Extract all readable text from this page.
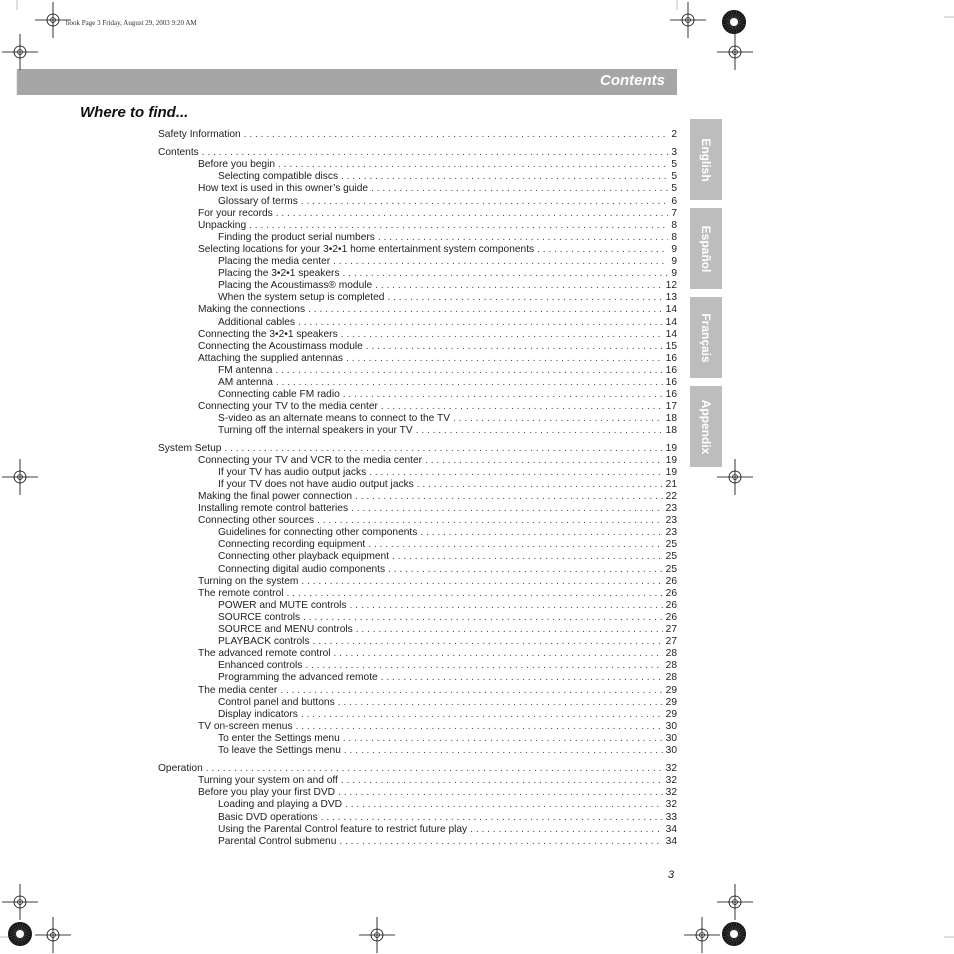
book Page 3 Friday, August 29, 2003 9:20 AM
Contents
Where to find...
Safety Information . . .	2
Contents . . .	3
Before you begin . . .	5
Selecting compatible discs . . .	5
How text is used in this owner’s guide . . .	5
Glossary of terms . . .	6
For your records . . .	7
Unpacking . . .	8
Finding the product serial numbers . . .	8
Selecting locations for your 3•2•1 home entertainment system components . . .	9
Placing the media center . . .	9
Placing the 3•2•1 speakers . . .	9
Placing the Acoustimass® module . . .	12
When the system setup is completed . . .	13
Making the connections . . .	14
Additional cables . . .	14
Connecting the 3•2•1 speakers . . .	14
Connecting the Acoustimass module . . .	15
Attaching the supplied antennas . . .	16
FM antenna . . .	16
AM antenna . . .	16
Connecting cable FM radio . . .	16
Connecting your TV to the media center . . .	17
S-video as an alternate means to connect to the TV . . .	18
Turning off the internal speakers in your TV . . .	18
System Setup . . .	19
Connecting your TV and VCR to the media center . . .	19
If your TV has audio output jacks . . .	19
If your TV does not have audio output jacks . . .	21
Making the final power connection . . .	22
Installing remote control batteries . . .	23
Connecting other sources . . .	23
Guidelines for connecting other components . . .	23
Connecting recording equipment . . .	25
Connecting other playback equipment . . .	25
Connecting digital audio components . . .	25
Turning on the system . . .	26
The remote control . . .	26
POWER and MUTE controls . . .	26
SOURCE controls . . .	26
SOURCE and MENU controls . . .	27
PLAYBACK controls . . .	27
The advanced remote control . . .	28
Enhanced controls . . .	28
Programming the advanced remote . . .	28
The media center . . .	29
Control panel and buttons . . .	29
Display indicators . . .	29
TV on-screen menus . . .	30
To enter the Settings menu . . .	30
To leave the Settings menu . . .	30
Operation . . .	32
Turning your system on and off . . .	32
Before you play your first DVD . . .	32
Loading and playing a DVD . . .	32
Basic DVD operations . . .	33
Using the Parental Control feature to restrict future play . . .	34
Parental Control submenu . . .	34
English
Español
Français
Appendix
3
